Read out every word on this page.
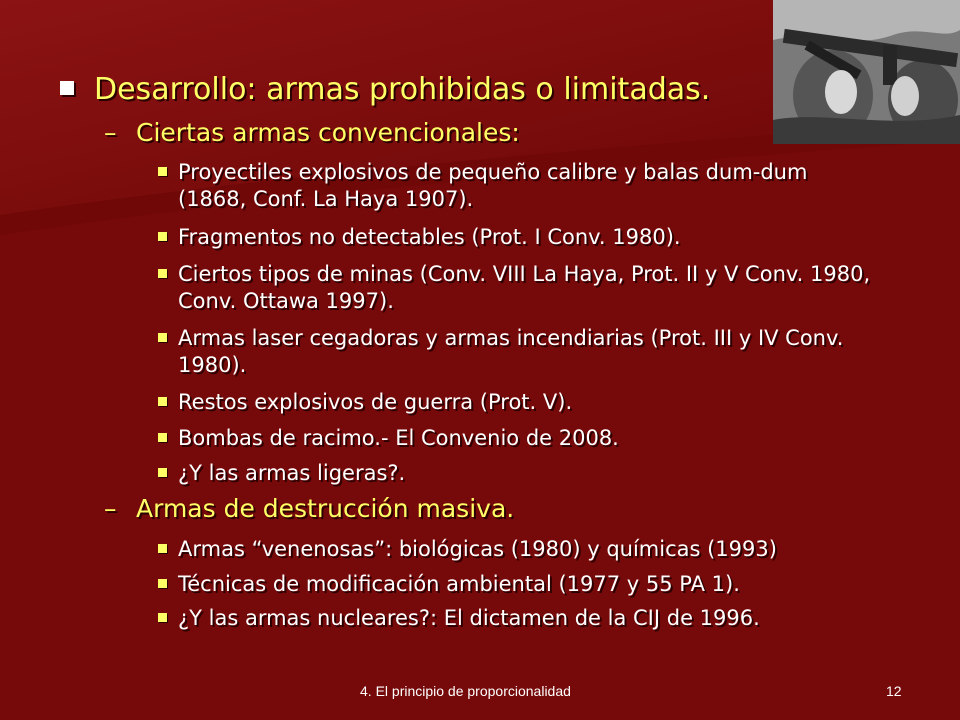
Desarrollo: armas prohibidas o limitadas.
– Ciertas armas convencionales:
Proyectiles explosivos de pequeño calibre y balas dum-dum (1868, Conf. La Haya 1907).
Fragmentos no detectables (Prot. I Conv. 1980).
Ciertos tipos de minas (Conv. VIII La Haya, Prot. II y V Conv. 1980, Conv. Ottawa 1997).
Armas laser cegadoras y armas incendiarias (Prot. III y IV Conv. 1980).
Restos explosivos de guerra (Prot. V).
Bombas de racimo.- El Convenio de 2008.
¿Y las armas ligeras?.
– Armas de destrucción masiva.
Armas “venenosas”: biológicas (1980) y químicas (1993)
Técnicas de modificación ambiental (1977 y 55 PA 1).
¿Y las armas nucleares?: El dictamen de la CIJ de 1996.
4. El principio de proporcionalidad	12
